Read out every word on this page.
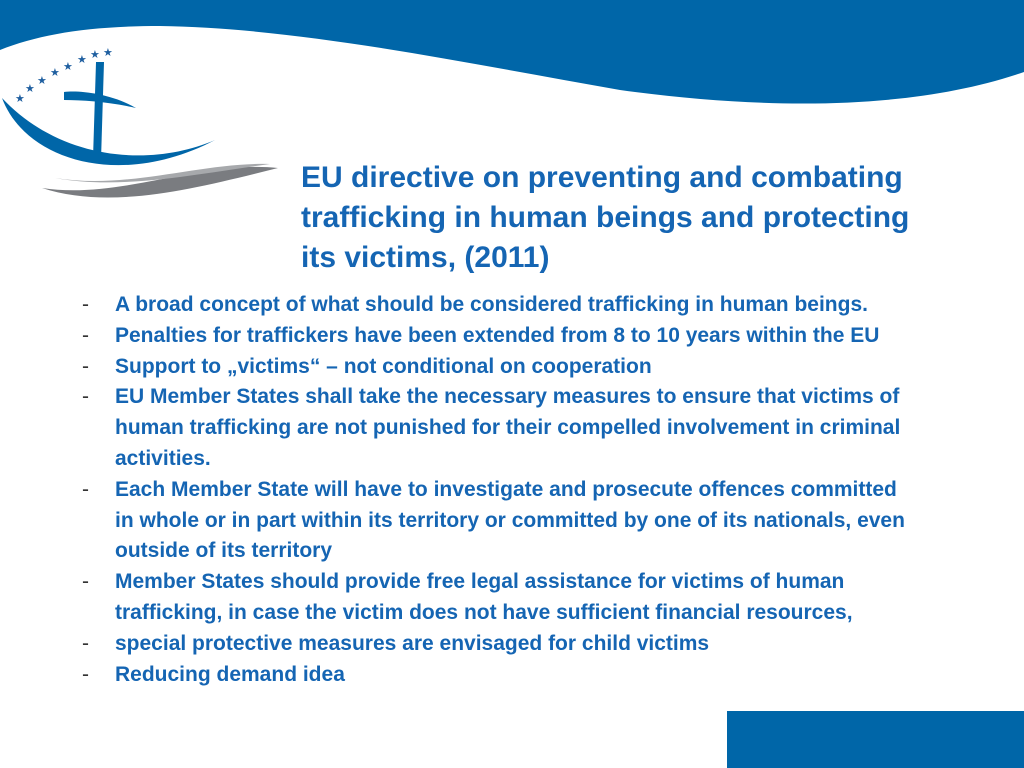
★
★
★
★ ★
★ ★ ★
EU directive on preventing and combating trafficking in human beings and protecting its victims, (2011)
- A broad concept of what should be considered trafficking in human beings.
- Penalties for traffickers have been extended from 8 to 10 years within the EU
- Support to „victims“ – not conditional on cooperation
- EU Member States shall take the necessary measures to ensure that victims of human trafficking are not punished for their compelled involvement in criminal activities.
- Each Member State will have to investigate and prosecute offences committed in whole or in part within its territory or committed by one of its nationals, even outside of its territory
- Member States should provide free legal assistance for victims of human trafficking, in case the victim does not have sufficient financial resources,
- special protective measures are envisaged for child victims
- Reducing demand idea
